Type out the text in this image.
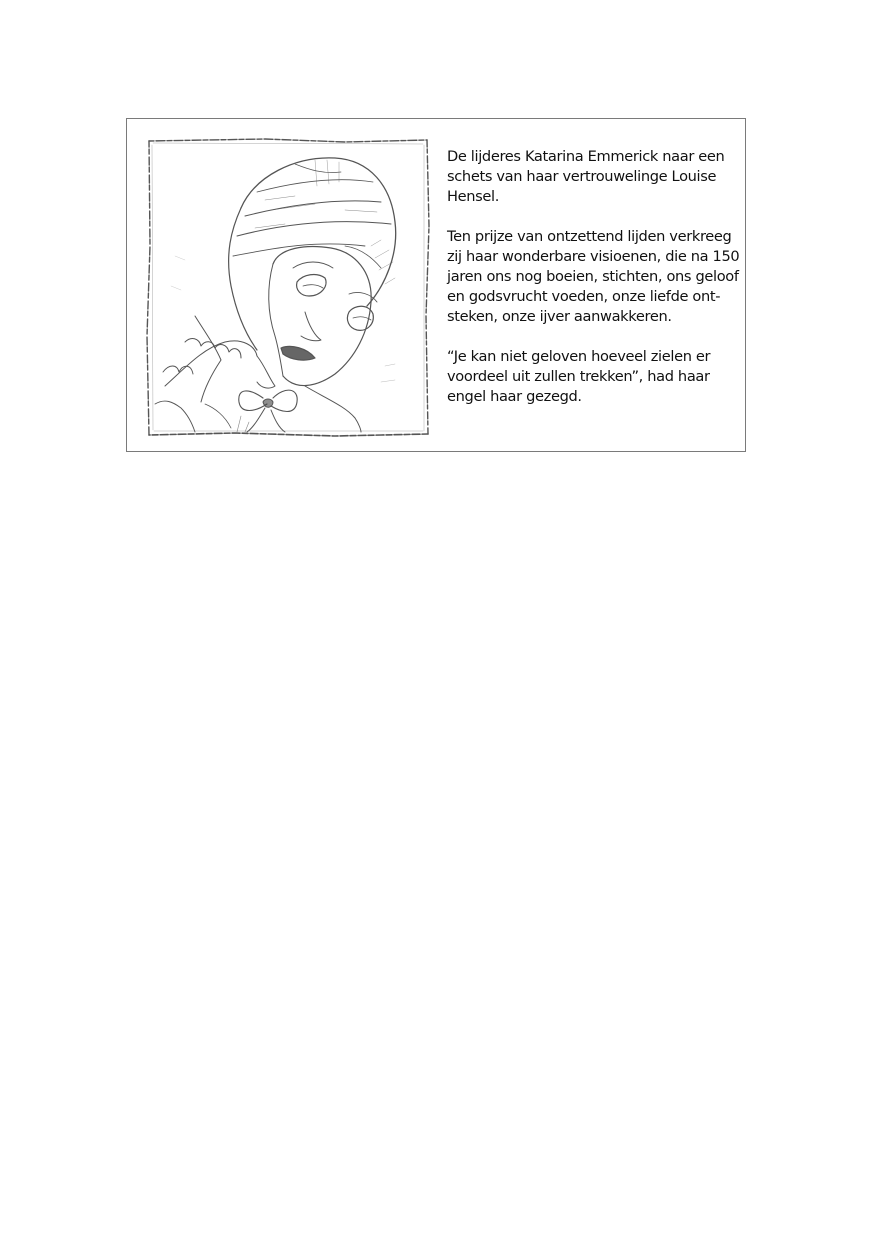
De lijderes Katarina Emmerick naar een
schets van haar vertrouwelinge Louise
Hensel.

Ten prijze van ontzettend lijden verkreeg
zij haar wonderbare visioenen, die na 150
jaren ons nog boeien, stichten, ons geloof
en godsvrucht voeden, onze liefde ont-
steken, onze ijver aanwakkeren.

“Je kan niet geloven hoeveel zielen er
voordeel uit zullen trekken”, had haar
engel haar gezegd.
